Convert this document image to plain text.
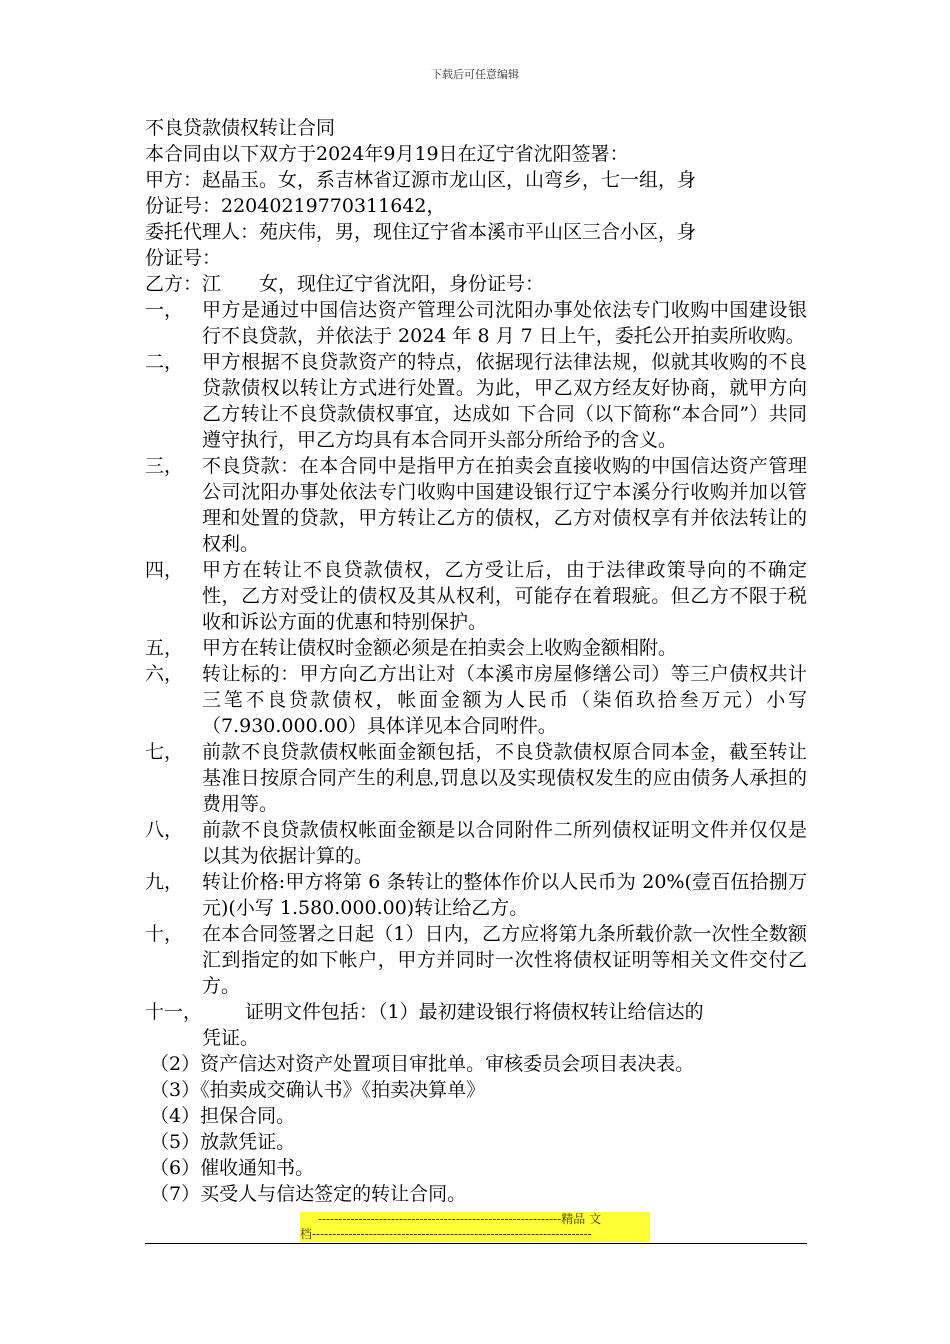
下载后可任意编辑
不良贷款债权转让合同
本合同由以下双方于2024年9月19日在辽宁省沈阳签署：
甲方：赵晶玉。女，系吉林省辽源市龙山区，山弯乡，七一组，身
份证号：22040219770311642，
委托代理人：苑庆伟，男，现住辽宁省本溪市平山区三合小区，身
份证号：
乙方：江 女，现住辽宁省沈阳，身份证号：
一， 甲方是通过中国信达资产管理公司沈阳办事处依法专门收购中国建设银行不良贷款，并依法于 2024 年 8 月 7 日上午，委托公开拍卖所收购。
二， 甲方根据不良贷款资产的特点，依据现行法律法规，似就其收购的不良贷款债权以转让方式进行处置。为此，甲乙双方经友好协商，就甲方向乙方转让不良贷款债权事宜，达成如 下合同（以下简称“本合同”）共同遵守执行，甲乙方均具有本合同开头部分所给予的含义。
三， 不良贷款：在本合同中是指甲方在拍卖会直接收购的中国信达资产管理公司沈阳办事处依法专门收购中国建设银行辽宁本溪分行收购并加以管理和处置的贷款，甲方转让乙方的债权，乙方对债权享有并依法转让的权利。
四， 甲方在转让不良贷款债权，乙方受让后，由于法律政策导向的不确定性，乙方对受让的债权及其从权利，可能存在着瑕疵。但乙方不限于税收和诉讼方面的优惠和特别保护。
五， 甲方在转让债权时金额必须是在拍卖会上收购金额相附。
六， 转让标的：甲方向乙方出让对（本溪市房屋修缮公司）等三户债权共计三笔不良贷款债权，帐面金额为人民币（柒佰玖拾叁万元）小写（7.930.000.00）具体详见本合同咐件。
七， 前款不良贷款债权帐面金额包括，不良贷款债权原合同本金，截至转让基准日按原合同产生的利息,罚息以及实现债权发生的应由债务人承担的费用等。
八， 前款不良贷款债权帐面金额是以合同附件二所列债权证明文件并仅仅是以其为依据计算的。
九， 转让价格:甲方将第 6 条转让的整体作价以人民币为 20%(壹百伍拾捌万元)(小写 1.580.000.00)转让给乙方。
十， 在本合同签署之日起（1）日内，乙方应将第九条所载价款一次性全数额汇到指定的如下帐户，甲方并同时一次性将债权证明等相关文件交付乙方。
十一， 证明文件包括：（1）最初建设银行将债权转让给信达的
凭证。
（2）资产信达对资产处置项目审批单。审核委员会项目表决表。
（3）《拍卖成交确认书》《拍卖决算单》
（4）担保合同。
（5）放款凭证。
（6）催收通知书。
（7）买受人与信达签定的转让合同。
------------------------------------------------------------精品 文
档---------------------------------------------------------------------
